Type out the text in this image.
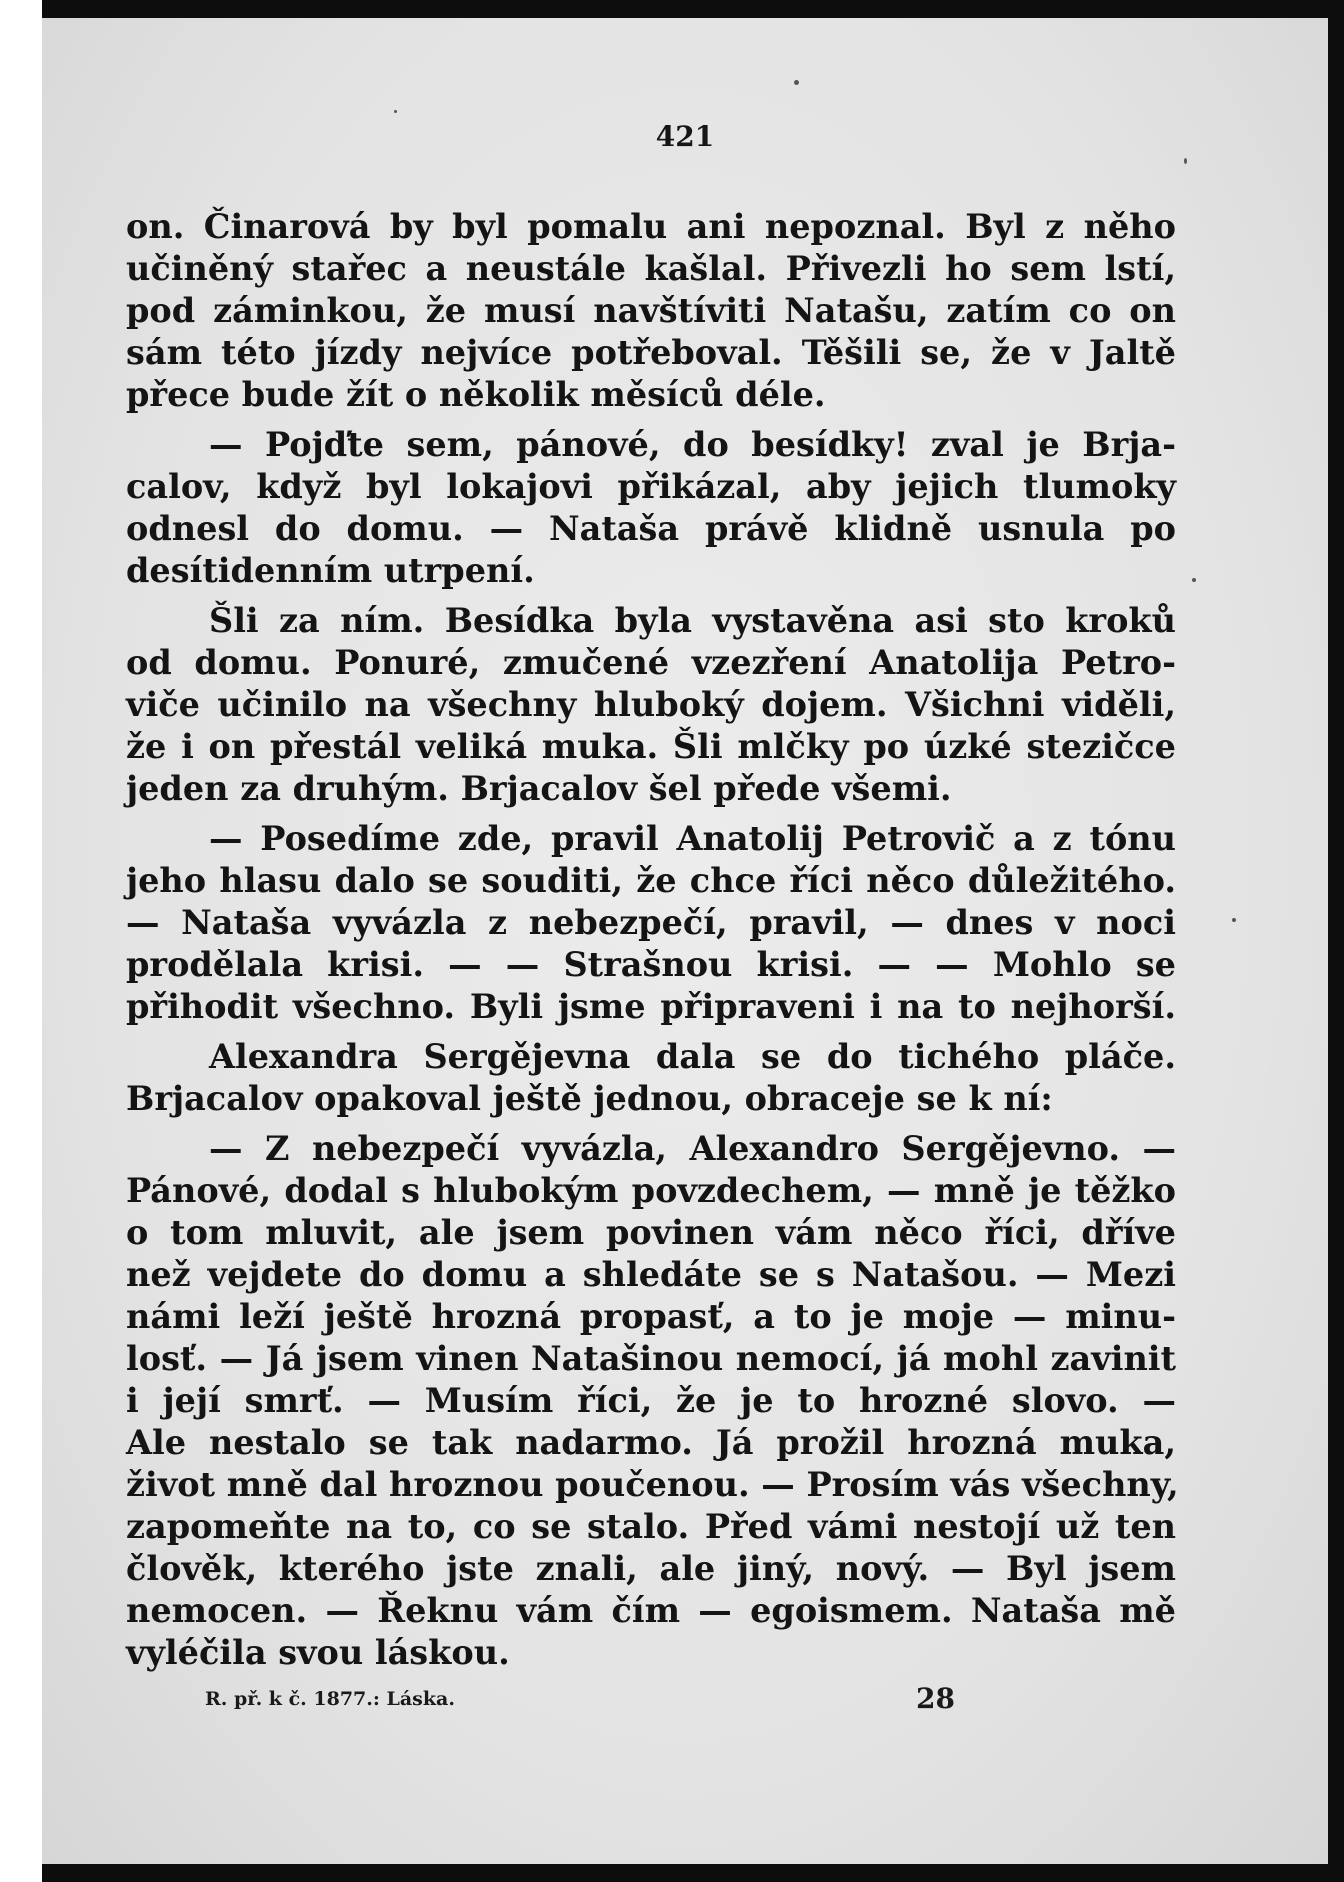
421
on. Činarová by byl pomalu ani nepoznal. Byl z něho
učiněný stařec a neustále kašlal. Přivezli ho sem lstí,
pod záminkou, že musí navštíviti Natašu, zatím co on
sám této jízdy nejvíce potřeboval. Těšili se, že v Jaltě
přece bude žít o několik měsíců déle.
— Pojďte sem, pánové, do besídky! zval je Brja-
calov, když byl lokajovi přikázal, aby jejich tlumoky
odnesl do domu. — Nataša právě klidně usnula po
desítidenním utrpení.
Šli za ním. Besídka byla vystavěna asi sto kroků
od domu. Ponuré, zmučené vzezření Anatolija Petro-
viče učinilo na všechny hluboký dojem. Všichni viděli,
že i on přestál veliká muka. Šli mlčky po úzké stezičce
jeden za druhým. Brjacalov šel přede všemi.
— Posedíme zde, pravil Anatolij Petrovič a z tónu
jeho hlasu dalo se souditi, že chce říci něco důležitého.
— Nataša vyvázla z nebezpečí, pravil, — dnes v noci
prodělala krisi. — — Strašnou krisi. — — Mohlo se
přihodit všechno. Byli jsme připraveni i na to nejhorší.
Alexandra Sergějevna dala se do tichého pláče.
Brjacalov opakoval ještě jednou, obraceje se k ní:
— Z nebezpečí vyvázla, Alexandro Sergějevno. —
Pánové, dodal s hlubokým povzdechem, — mně je těžko
o tom mluvit, ale jsem povinen vám něco říci, dříve
než vejdete do domu a shledáte se s Natašou. — Mezi
námi leží ještě hrozná propasť, a to je moje — minu-
losť. — Já jsem vinen Natašinou nemocí, já mohl zavinit
i její smrť. — Musím říci, že je to hrozné slovo. —
Ale nestalo se tak nadarmo. Já prožil hrozná muka,
život mně dal hroznou poučenou. — Prosím vás všechny,
zapomeňte na to, co se stalo. Před vámi nestojí už ten
člověk, kterého jste znali, ale jiný, nový. — Byl jsem
nemocen. — Řeknu vám čím — egoismem. Nataša mě
vyléčila svou láskou.
R. př. k č. 1877.: Láska.	28
